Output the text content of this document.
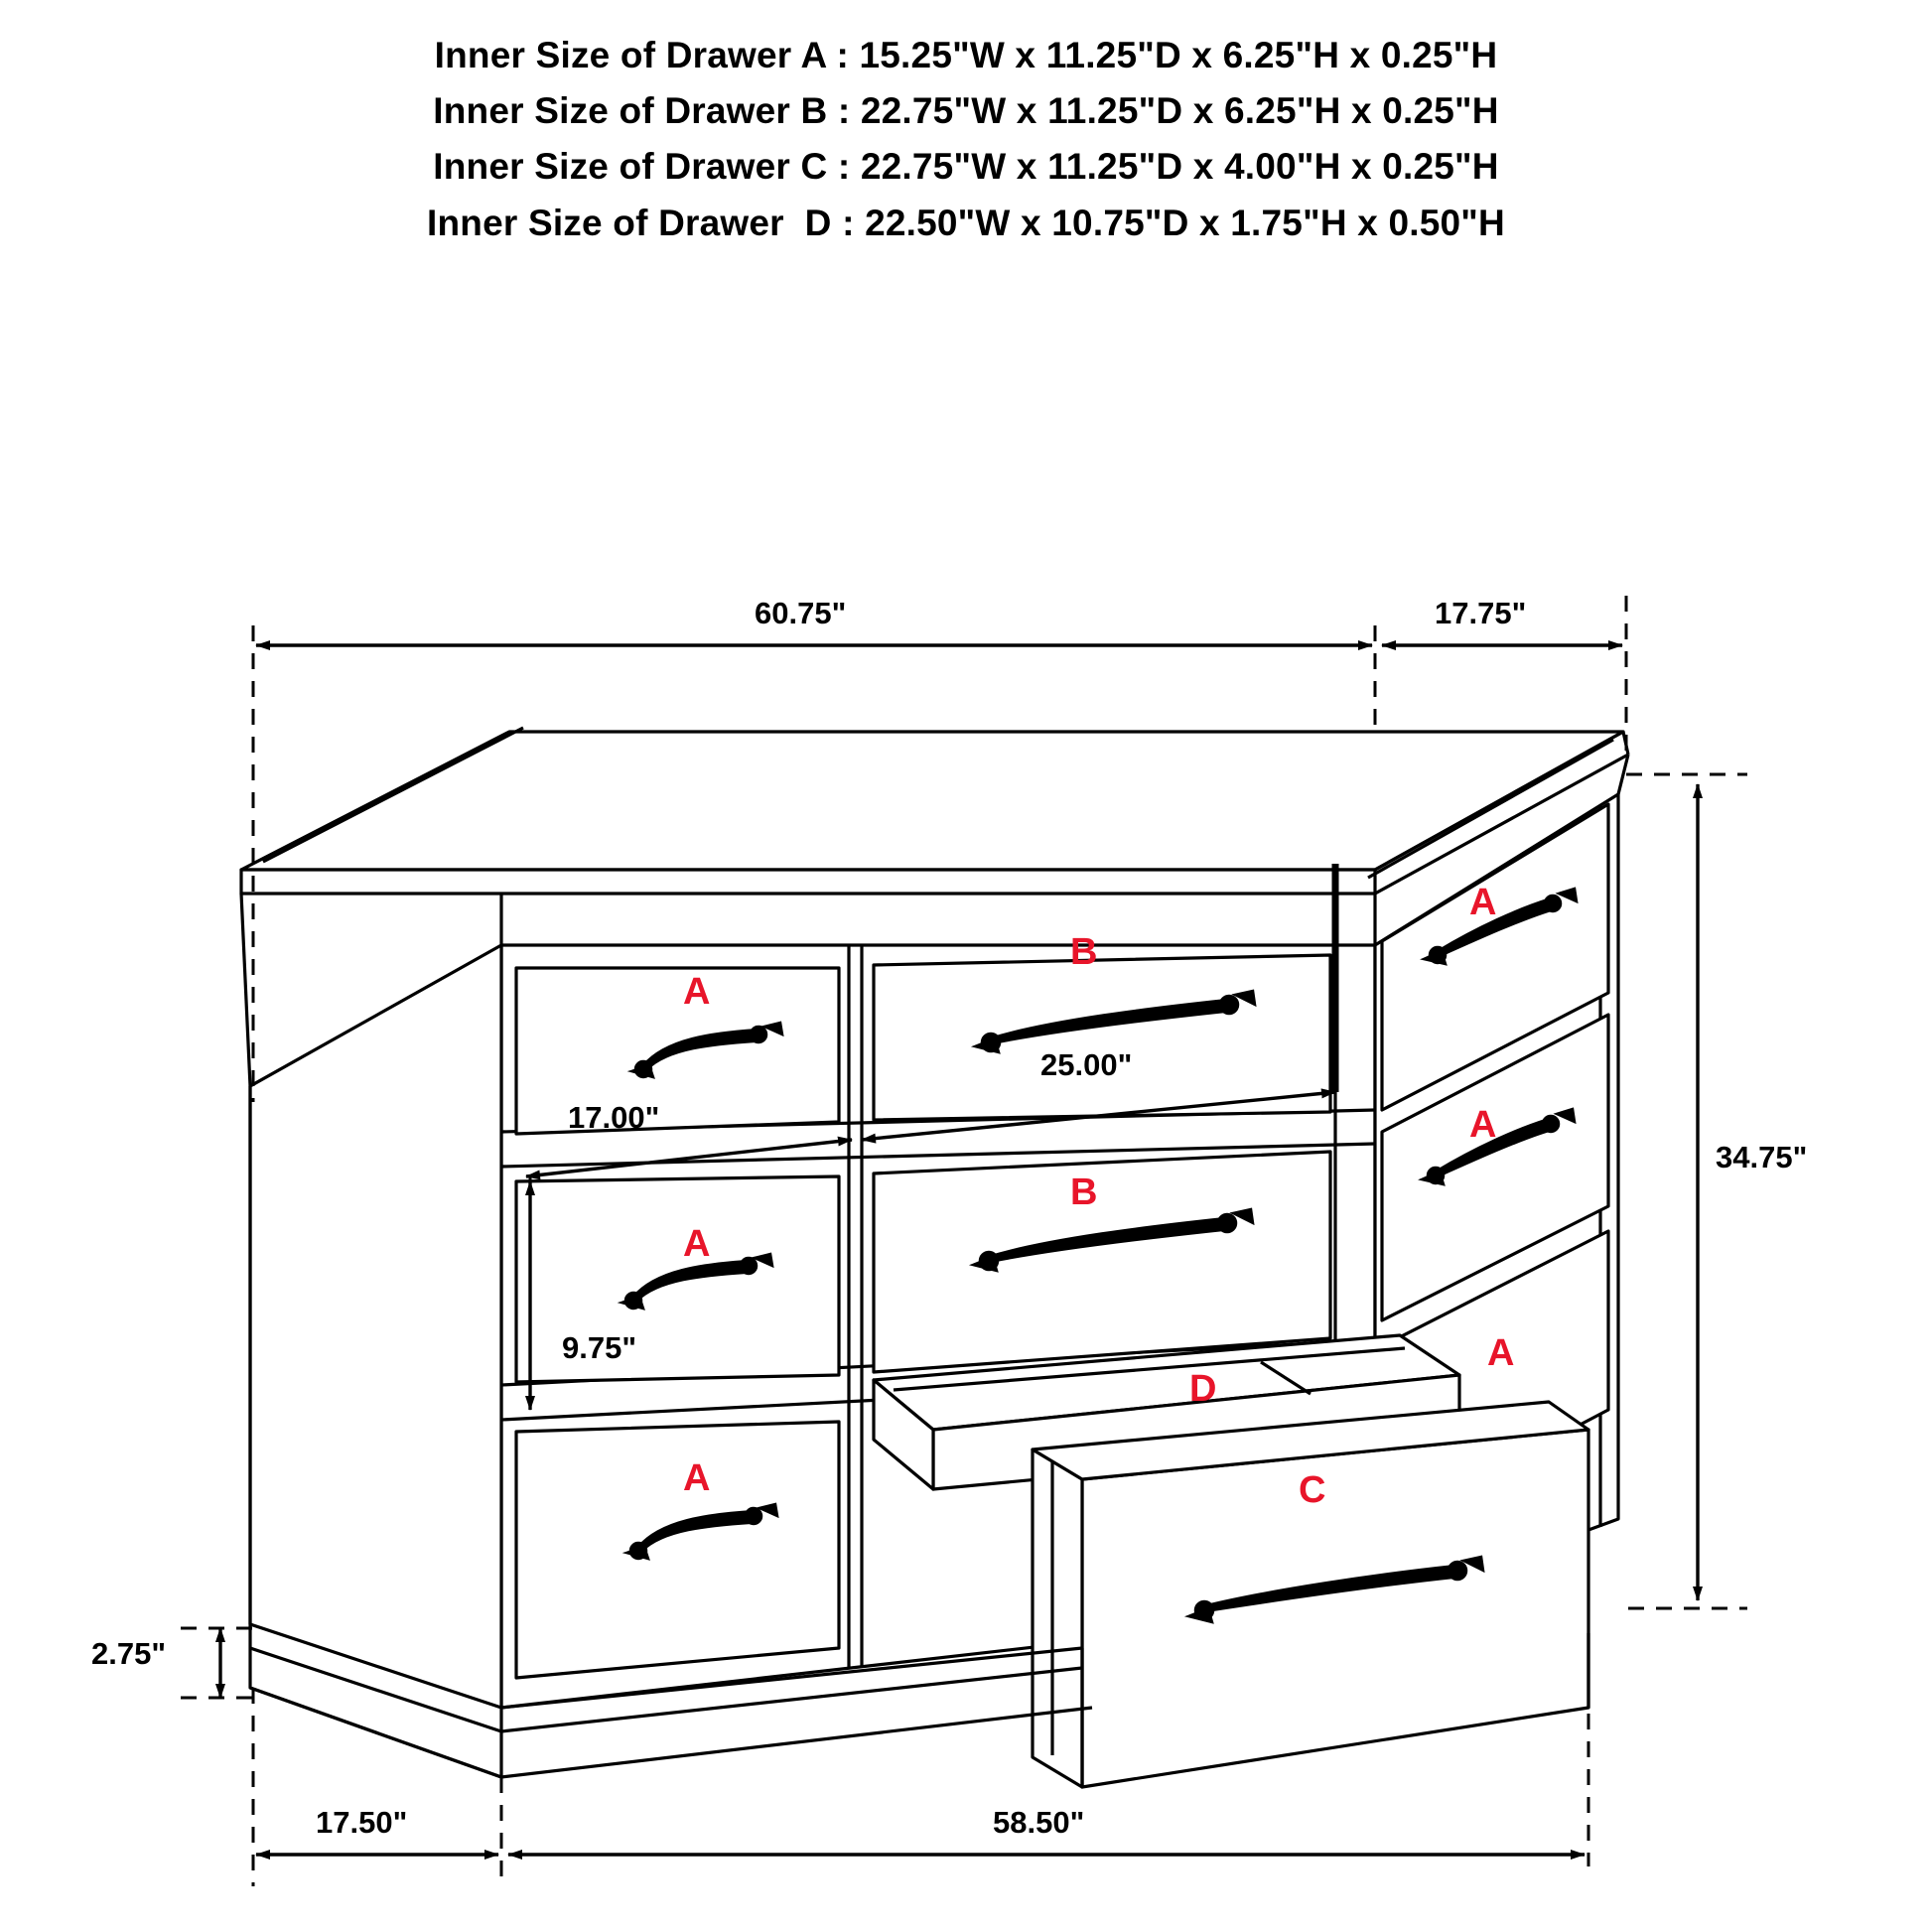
Inner Size of Drawer A : 15.25"W x 11.25"D x 6.25"H x 0.25"H
Inner Size of Drawer B : 22.75"W x 11.25"D x 6.25"H x 0.25"H
Inner Size of Drawer C : 22.75"W x 11.25"D x 4.00"H x 0.25"H
Inner Size of Drawer  D : 22.50"W x 10.75"D x 1.75"H x 0.50"H
60.75"	17.75"
34.75"
17.00"
25.00"
9.75"
2.75"
17.50"	58.50"
A
A
A
B
B
A
A
A
D
C
